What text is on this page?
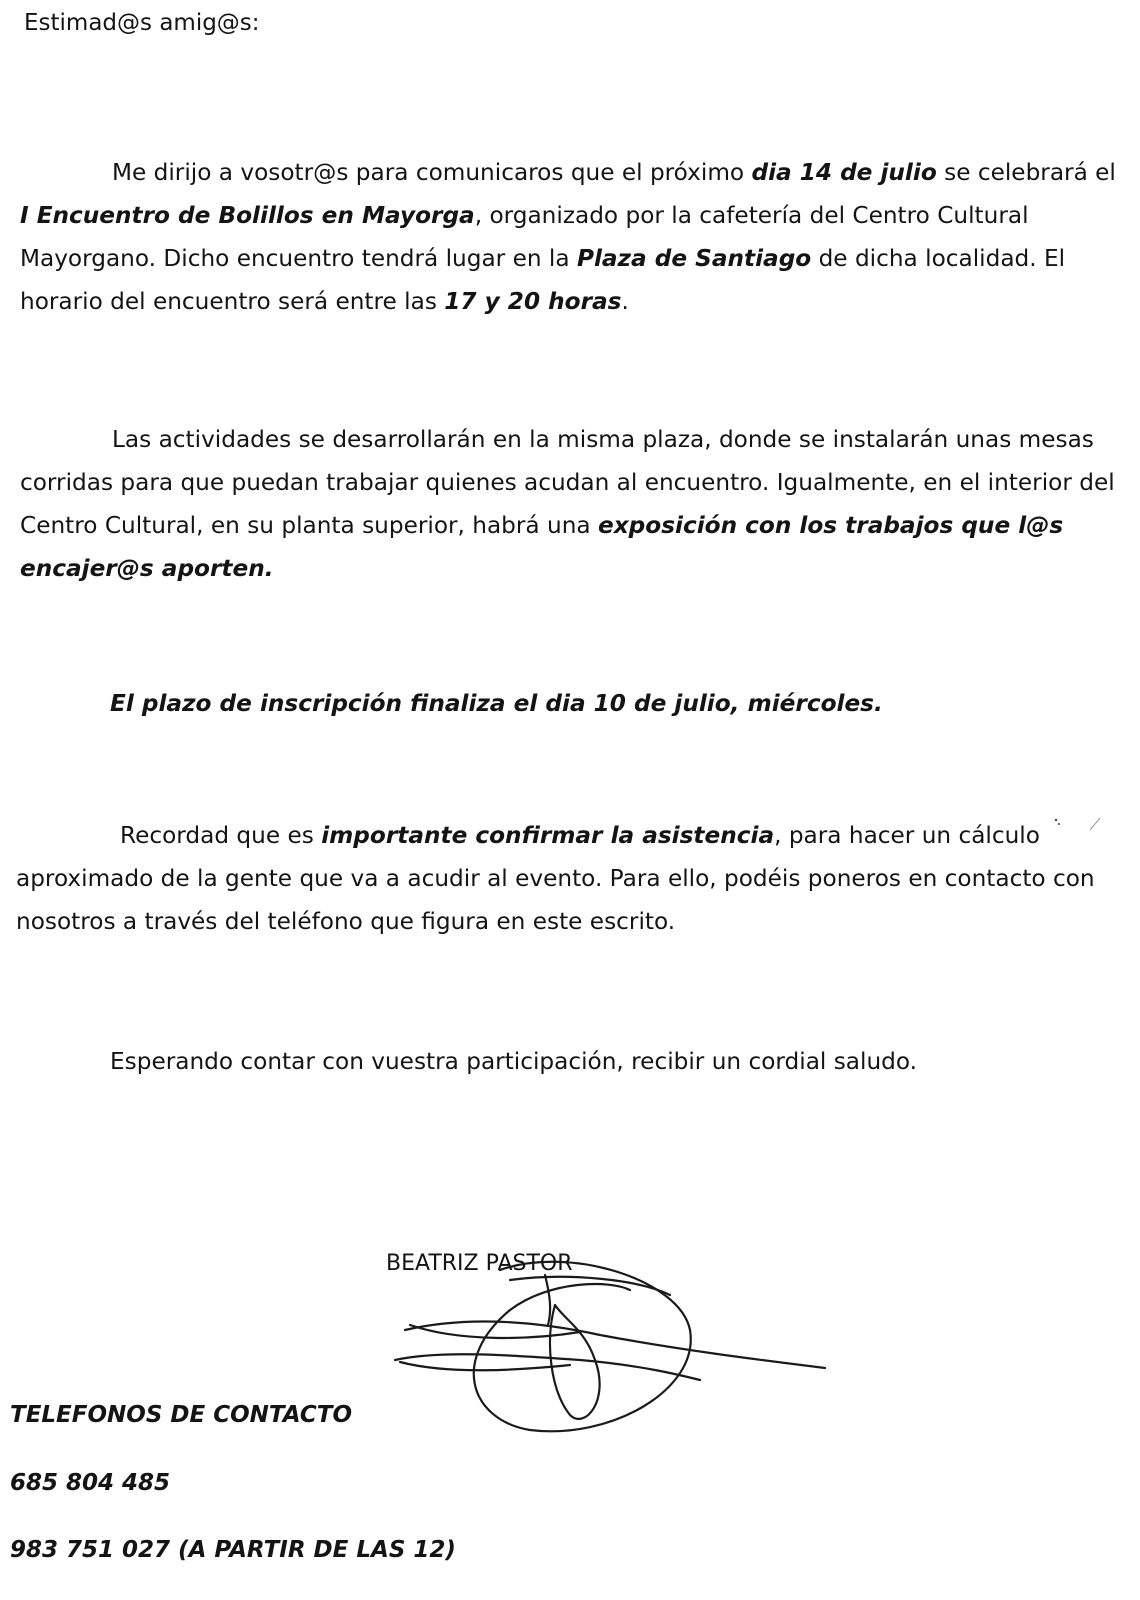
Estimad@s amig@s:

Me dirijo a vosotr@s para comunicaros que el próximo dia 14 de julio se celebrará el I Encuentro de Bolillos en Mayorga, organizado por la cafetería del Centro Cultural Mayorgano. Dicho encuentro tendrá lugar en la Plaza de Santiago de dicha localidad. El horario del encuentro será entre las 17 y 20 horas.

Las actividades se desarrollarán en la misma plaza, donde se instalarán unas mesas corridas para que puedan trabajar quienes acudan al encuentro. Igualmente, en el interior del Centro Cultural, en su planta superior, habrá una exposición con los trabajos que l@s encajer@s aporten.

El plazo de inscripción finaliza el dia 10 de julio, miércoles.

Recordad que es importante confirmar la asistencia, para hacer un cálculo aproximado de la gente que va a acudir al evento. Para ello, podéis poneros en contacto con nosotros a través del teléfono que figura en este escrito.

Esperando contar con vuestra participación, recibir un cordial saludo.

BEATRIZ PASTOR
TELEFONOS DE CONTACTO
685 804 485
983 751 027 (A PARTIR DE LAS 12)
